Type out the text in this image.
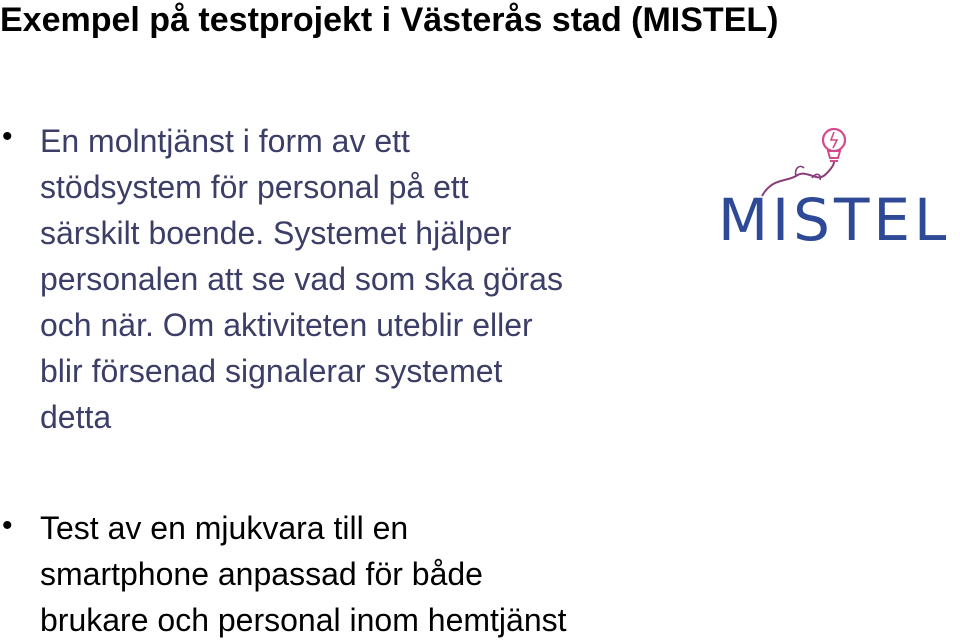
Exempel på testprojekt i Västerås stad (MISTEL)
• En molntjänst i form av ett
stödsystem för personal på ett
särskilt boende. Systemet hjälper
personalen att se vad som ska göras
och när. Om aktiviteten uteblir eller
blir försenad signalerar systemet
detta
• Test av en mjukvara till en
smartphone anpassad för både
brukare och personal inom hemtjänst
MISTEL
